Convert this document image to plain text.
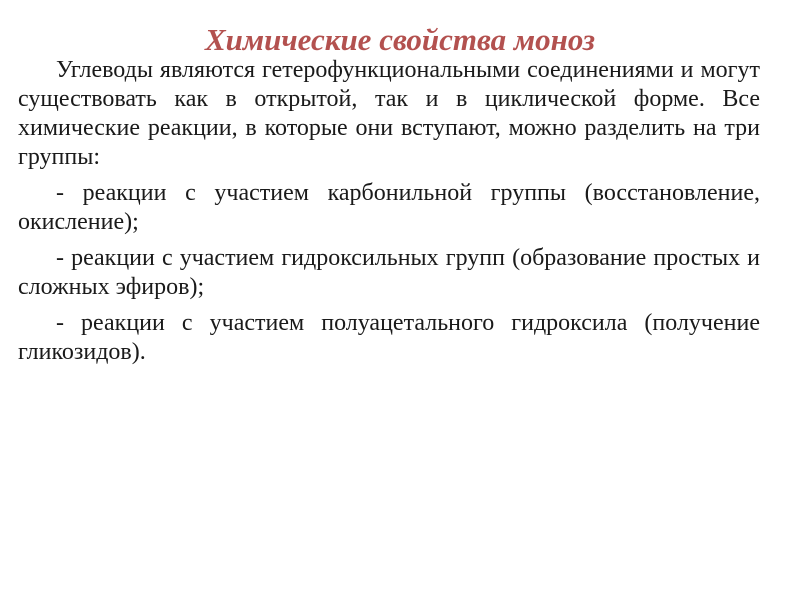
Химические свойства моноз

Углеводы являются гетерофункциональными соединениями и могут существовать как в открытой, так и в циклической форме. Все химические реакции, в которые они вступают, можно разделить на три группы:

- реакции с участием карбонильной группы (восстановление, окисление);

- реакции с участием гидроксильных групп (образование простых и сложных эфиров);

- реакции с участием полуацетального гидроксила (получение гликозидов).
